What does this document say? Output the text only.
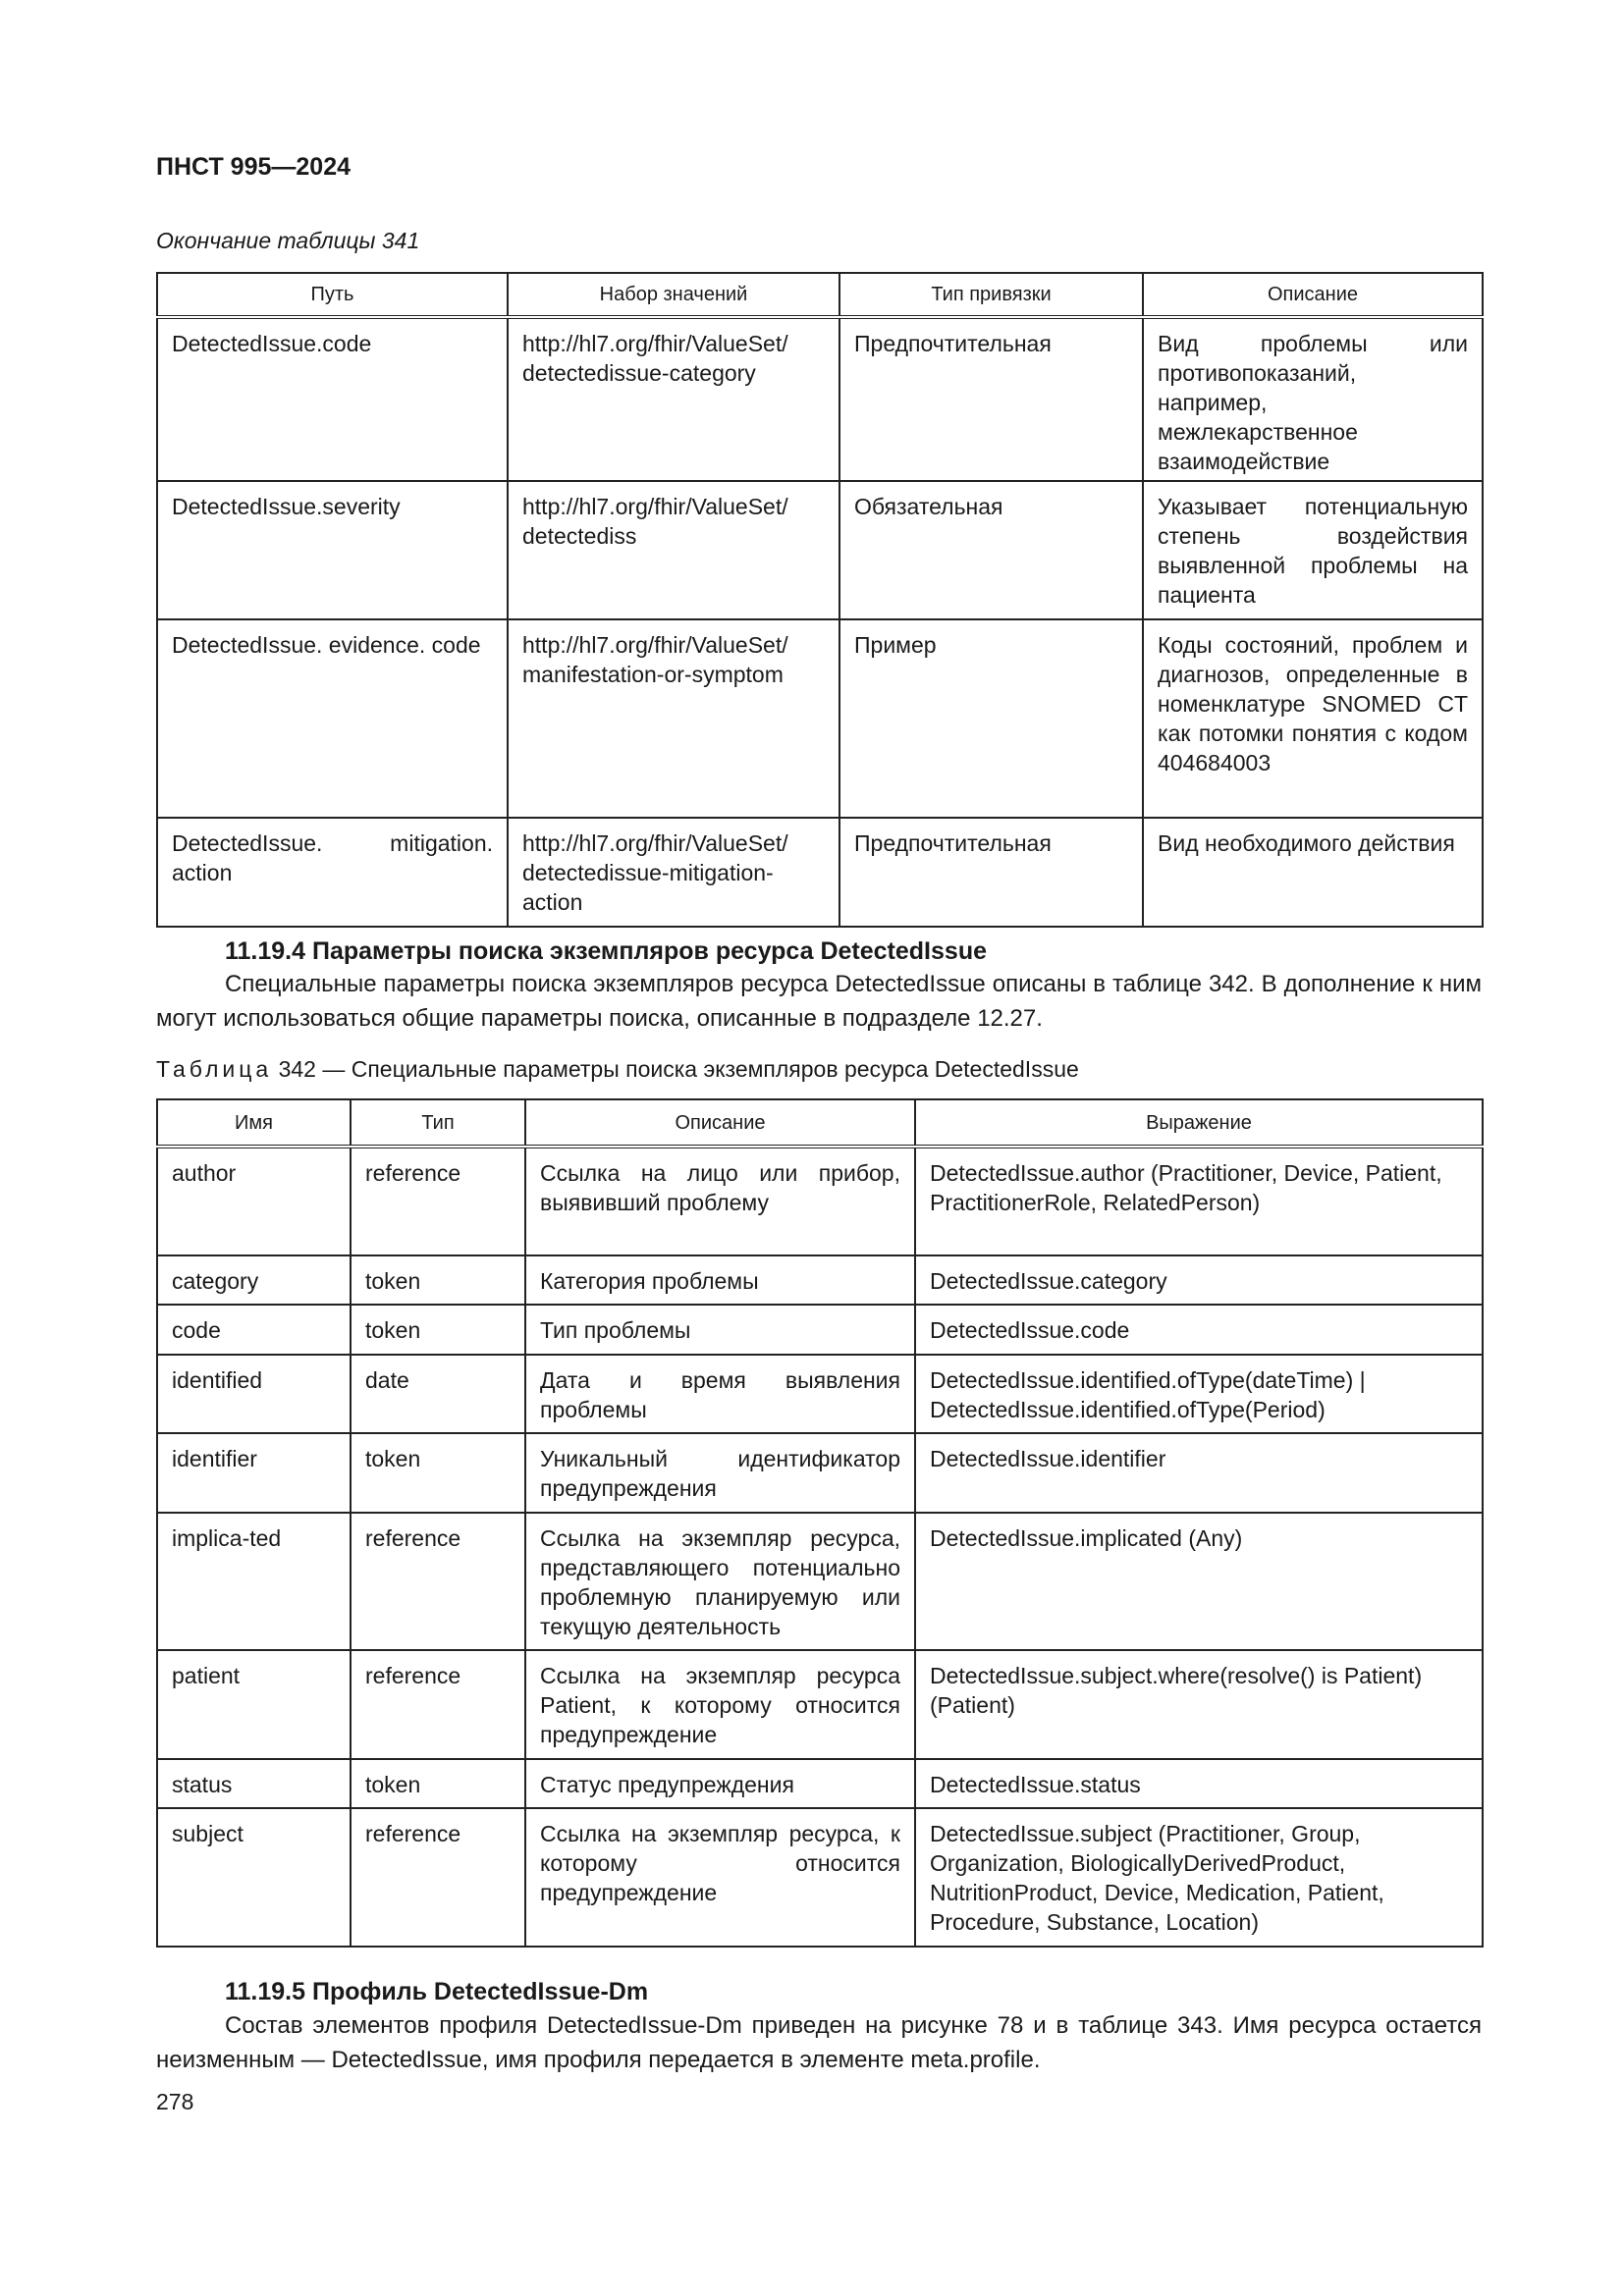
ПНСТ 995—2024
Окончание таблицы 341
Путь	Набор значений	Тип привязки	Описание
DetectedIssue.code	http://hl7.org/fhir/ValueSet/ detectedissue-category	Предпочтительная	Вид проблемы или противопоказаний, например, межлекарственное взаимодействие
DetectedIssue.severity	http://hl7.org/fhir/ValueSet/ detectediss	Обязательная	Указывает потенциальную степень воздействия выявленной проблемы на пациента
DetectedIssue. evidence. code	http://hl7.org/fhir/ValueSet/ manifestation-or-symptom	Пример	Коды состояний, проблем и диагнозов, определенные в номенклатуре SNOMED CT как потомки понятия с кодом 404684003
DetectedIssue. mitigation. action	http://hl7.org/fhir/ValueSet/ detectedissue-mitigation-action	Предпочтительная	Вид необходимого действия
11.19.4 Параметры поиска экземпляров ресурса DetectedIssue
Специальные параметры поиска экземпляров ресурса DetectedIssue описаны в таблице 342. В дополнение к ним могут использоваться общие параметры поиска, описанные в подразделе 12.27.
Таблица 342 — Специальные параметры поиска экземпляров ресурса DetectedIssue
Имя	Тип	Описание	Выражение
author	reference	Ссылка на лицо или прибор, выявивший проблему	DetectedIssue.author (Practitioner, Device, Patient, PractitionerRole, RelatedPerson)
category	token	Категория проблемы	DetectedIssue.category
code	token	Тип проблемы	DetectedIssue.code
identified	date	Дата и время выявления проблемы	DetectedIssue.identified.ofType(dateTime) | DetectedIssue.identified.ofType(Period)
identifier	token	Уникальный идентификатор предупреждения	DetectedIssue.identifier
implica-ted	reference	Ссылка на экземпляр ресурса, представляющего потенциально проблемную планируемую или текущую деятельность	DetectedIssue.implicated (Any)
patient	reference	Ссылка на экземпляр ресурса Patient, к которому относится предупреждение	DetectedIssue.subject.where(resolve() is Patient) (Patient)
status	token	Статус предупреждения	DetectedIssue.status
subject	reference	Ссылка на экземпляр ресурса, к которому относится предупреждение	DetectedIssue.subject (Practitioner, Group, Organization, BiologicallyDerivedProduct, NutritionProduct, Device, Medication, Patient, Procedure, Substance, Location)
11.19.5 Профиль DetectedIssue-Dm
Состав элементов профиля DetectedIssue-Dm приведен на рисунке 78 и в таблице 343. Имя ресурса остается неизменным — DetectedIssue, имя профиля передается в элементе meta.profile.
278
